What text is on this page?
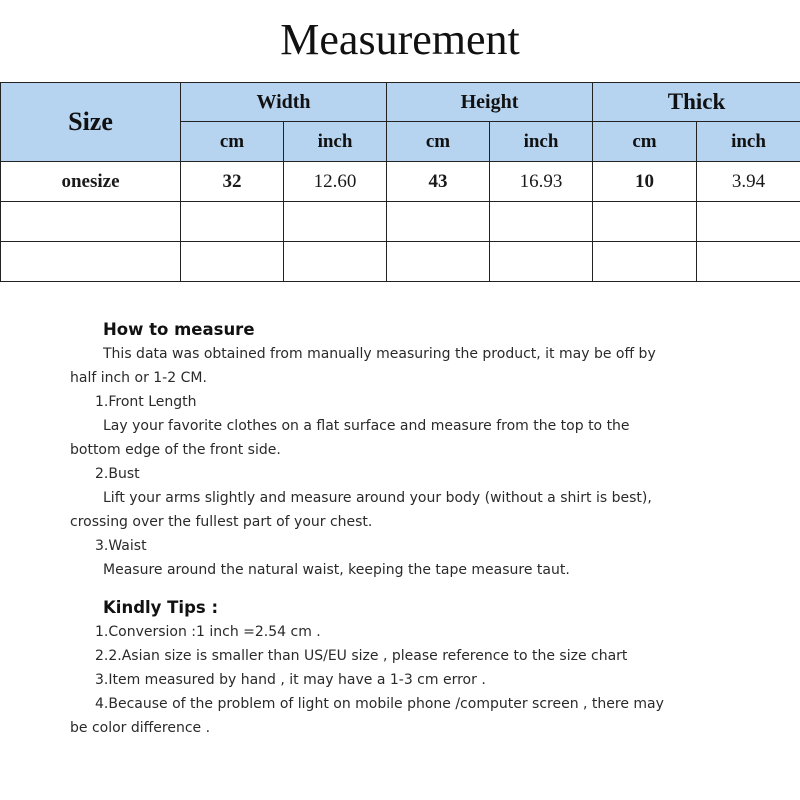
Measurement
Size	Width		Height		Thick	
	cm	inch	cm	inch	cm	inch
onesize	32	12.60	43	16.93	10	3.94

How to measure
This data was obtained from manually measuring the product, it may be off by
half inch or 1-2 CM.
1.Front Length
Lay your favorite clothes on a flat surface and measure from the top to the
bottom edge of the front side.
2.Bust
Lift your arms slightly and measure around your body (without a shirt is best),
crossing over the fullest part of your chest.
3.Waist
Measure around the natural waist, keeping the tape measure taut.
Kindly Tips :
1.Conversion :1 inch =2.54 cm .
2.2.Asian size is smaller than US/EU size , please reference to the size chart
3.Item measured by hand , it may have a 1-3 cm error .
4.Because of the problem of light on mobile phone /computer screen , there may
be color difference .
